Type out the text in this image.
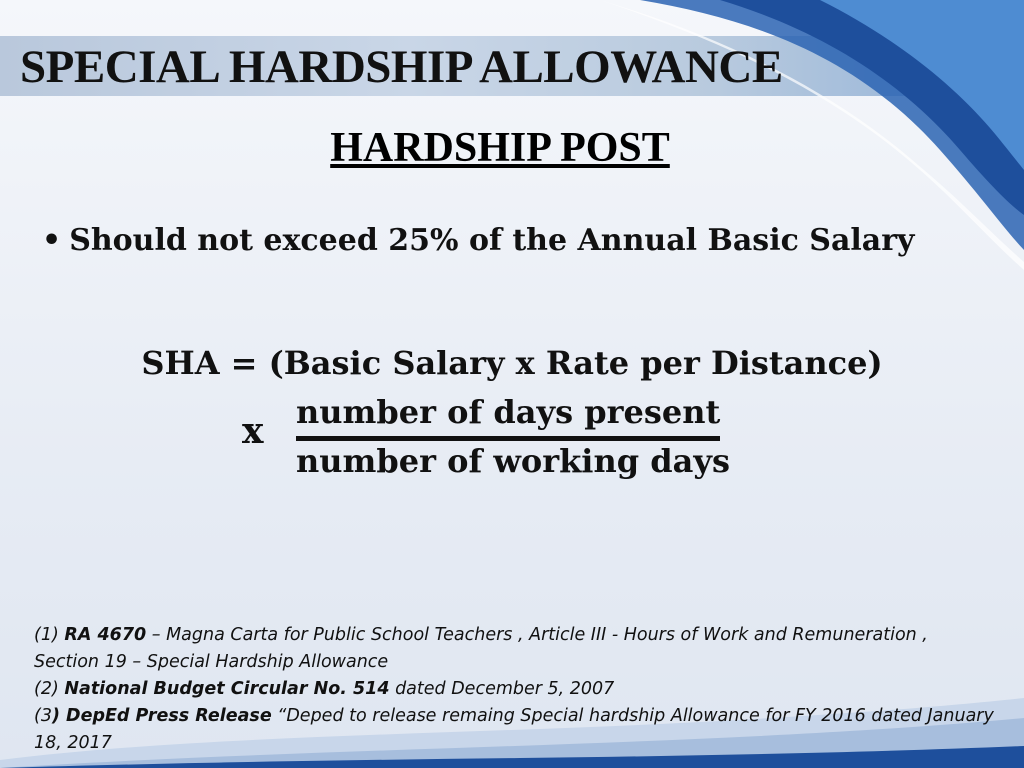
SPECIAL HARDSHIP ALLOWANCE
HARDSHIP POST
• Should not exceed 25% of the Annual Basic Salary
SHA = (Basic Salary x Rate per Distance)
x number of days present
number of working days

(1) RA 4670 – Magna Carta for Public School Teachers , Article III - Hours of Work and Remuneration ,

Section 19 – Special Hardship Allowance

(2) National Budget Circular No. 514 dated December 5, 2007

(3) DepEd Press Release “Deped to release remaing Special hardship Allowance for FY 2016 dated January

18, 2017
